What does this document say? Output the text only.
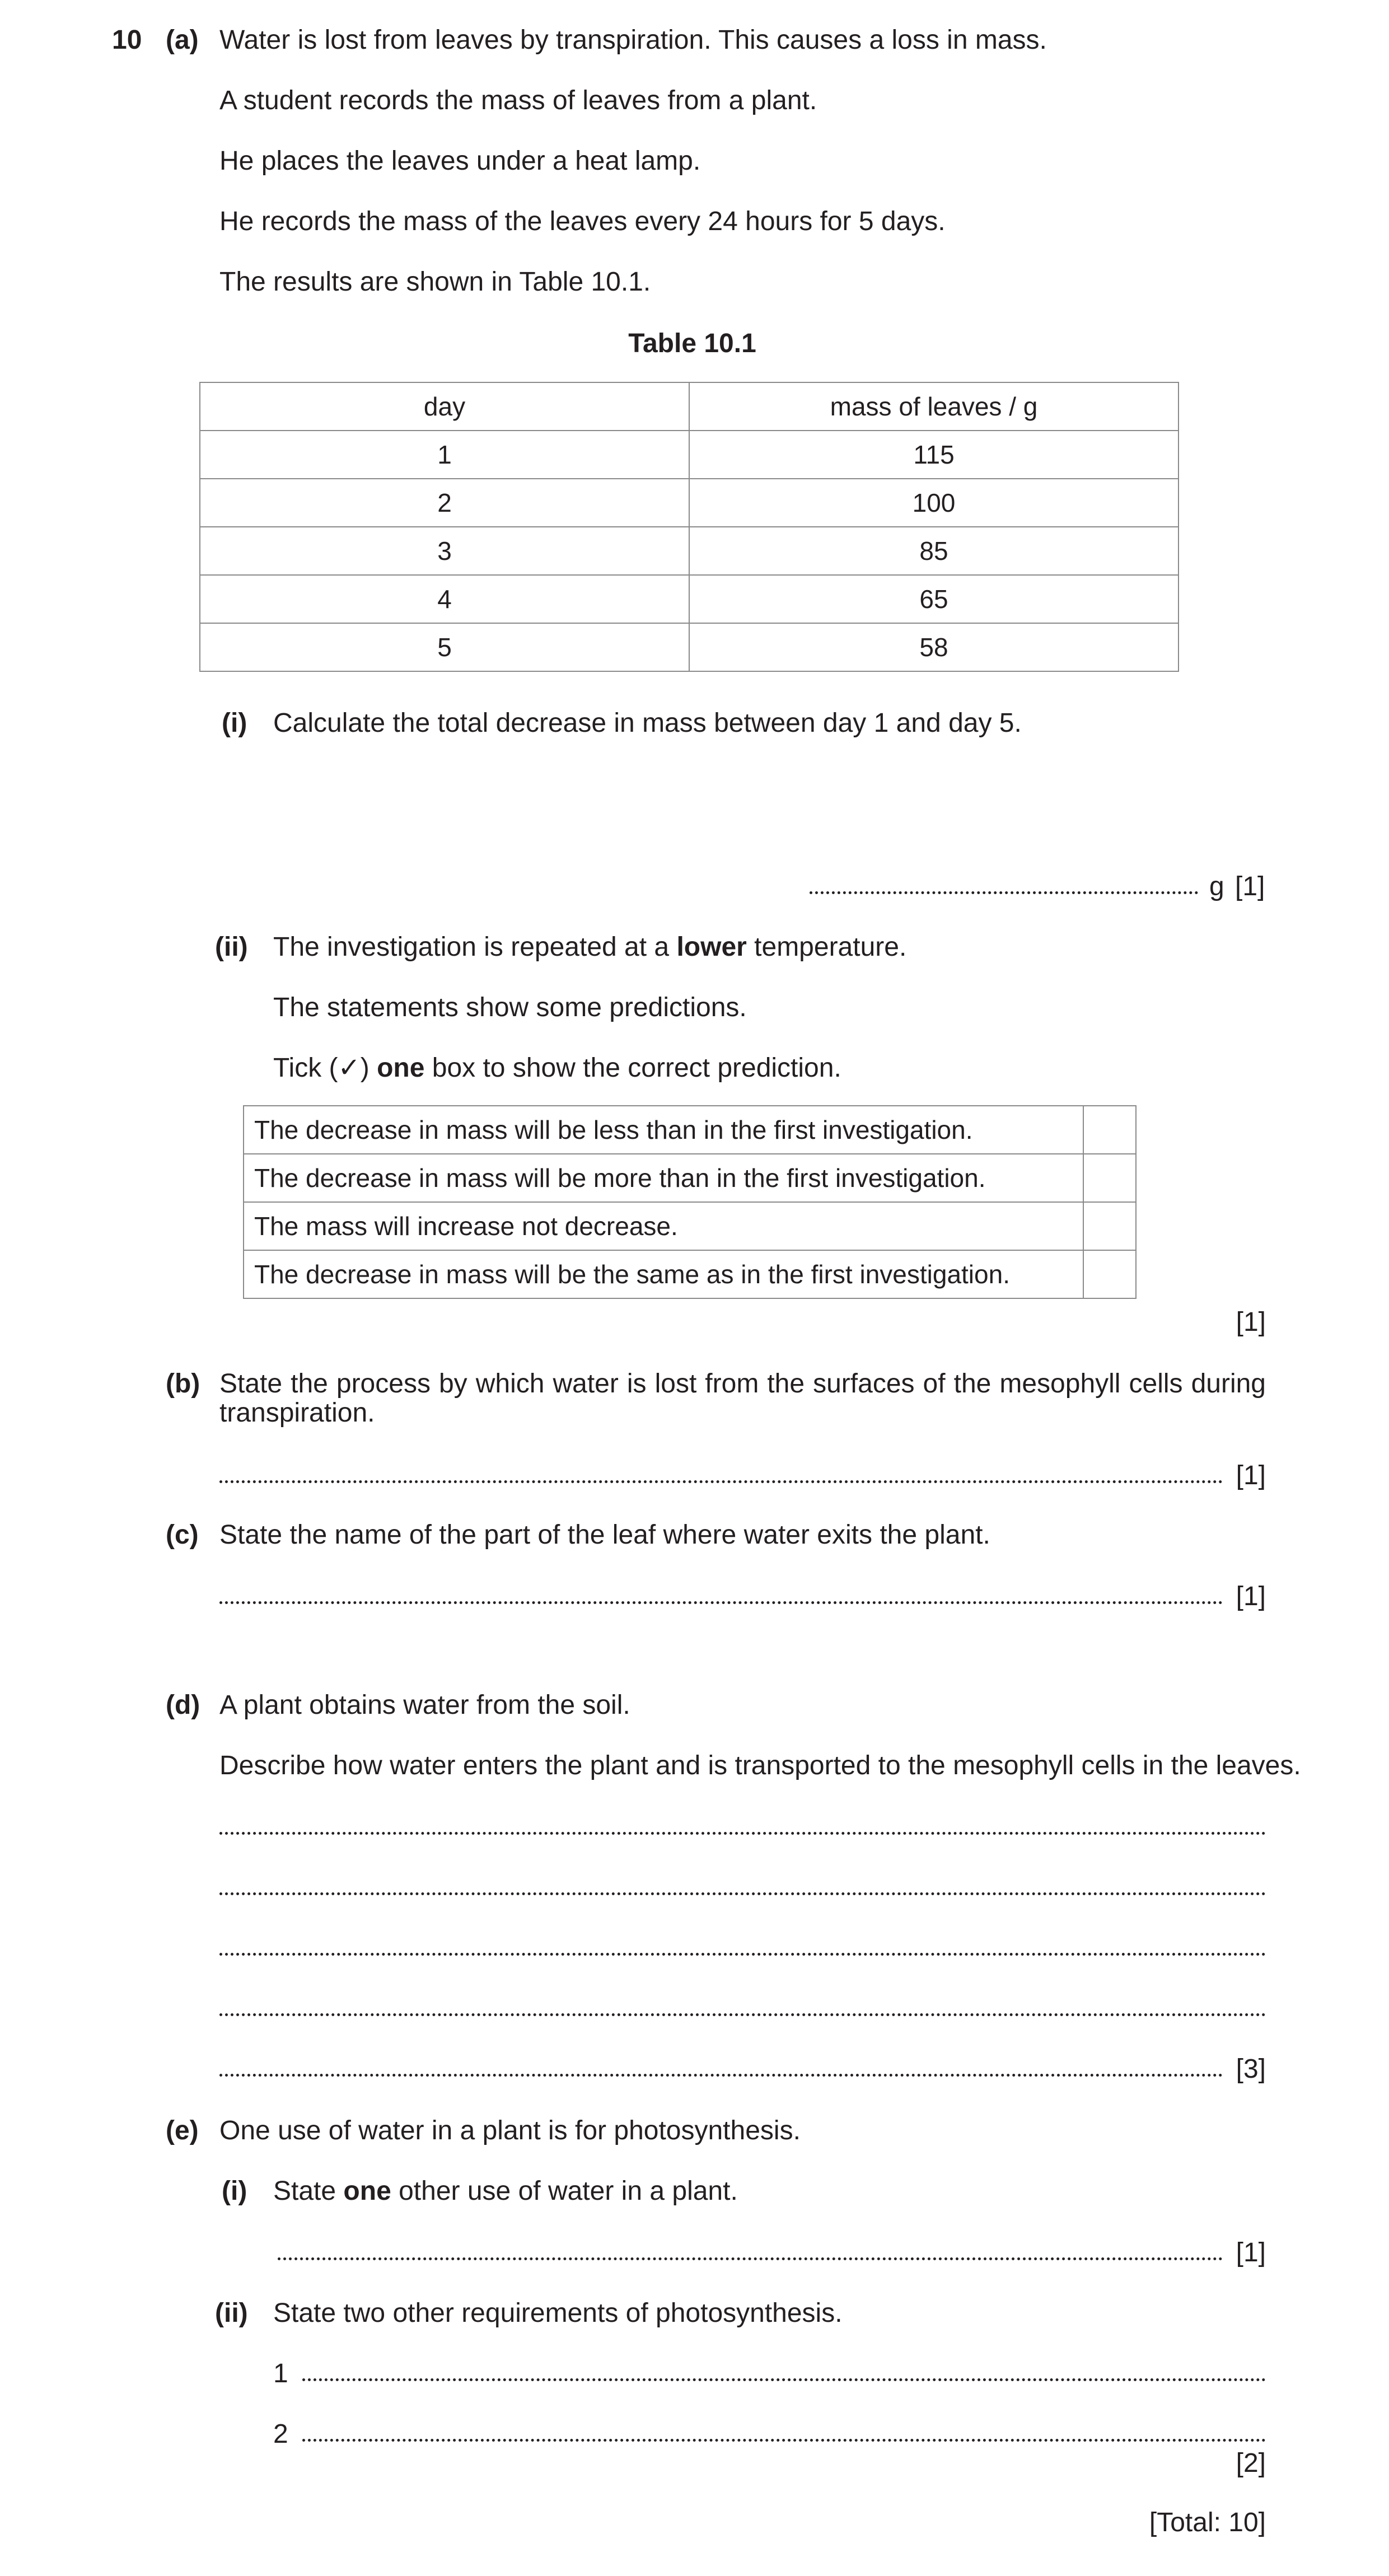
10 (a) Water is lost from leaves by transpiration. This causes a loss in mass.
A student records the mass of leaves from a plant.
He places the leaves under a heat lamp.
He records the mass of the leaves every 24 hours for 5 days.
The results are shown in Table 10.1.
Table 10.1
day	mass of leaves / g
1	115
2	100
3	85
4	65
5	58
(i) Calculate the total decrease in mass between day 1 and day 5.
g [1]
(ii) The investigation is repeated at a lower temperature.
The statements show some predictions.
Tick (✓) one box to show the correct prediction.
The decrease in mass will be less than in the first investigation.	
The decrease in mass will be more than in the first investigation.	
The mass will increase not decrease.	
The decrease in mass will be the same as in the first investigation.	
[1]
(b) State the process by which water is lost from the surfaces of the mesophyll cells during
transpiration.
[1]
(c) State the name of the part of the leaf where water exits the plant.
[1]
(d) A plant obtains water from the soil.
Describe how water enters the plant and is transported to the mesophyll cells in the leaves.
[3]
(e) One use of water in a plant is for photosynthesis.
(i) State one other use of water in a plant.
[1]
(ii) State two other requirements of photosynthesis.
1
2
[2]
[Total: 10]
